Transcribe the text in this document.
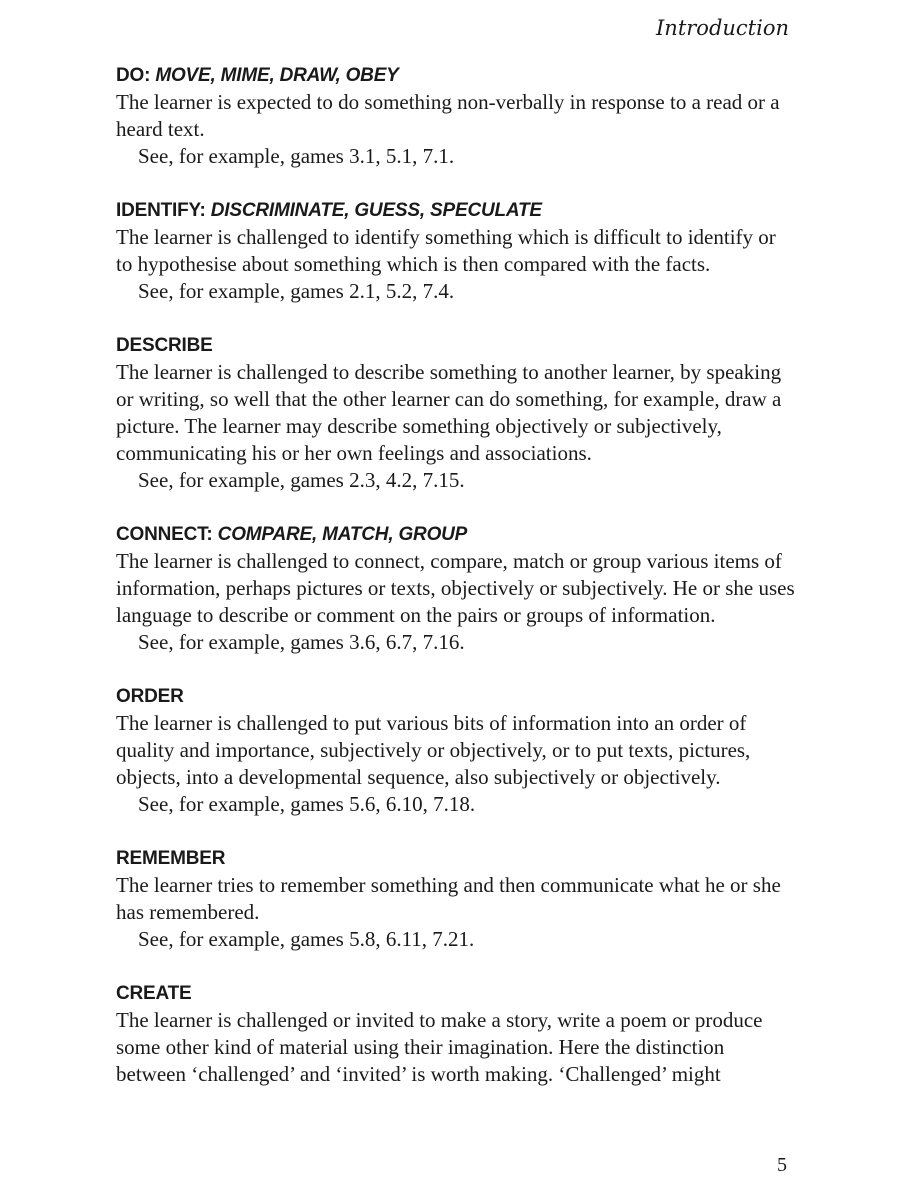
Introduction

DO: MOVE, MIME, DRAW, OBEY

The learner is expected to do something non-verbally in response to a read or a heard text.

See, for example, games 3.1, 5.1, 7.1.

IDENTIFY: DISCRIMINATE, GUESS, SPECULATE

The learner is challenged to identify something which is difficult to identify or to hypothesise about something which is then compared with the facts.

See, for example, games 2.1, 5.2, 7.4.

DESCRIBE

The learner is challenged to describe something to another learner, by speaking or writing, so well that the other learner can do something, for example, draw a picture. The learner may describe something objectively or subjectively, communicating his or her own feelings and associations.

See, for example, games 2.3, 4.2, 7.15.

CONNECT: COMPARE, MATCH, GROUP

The learner is challenged to connect, compare, match or group various items of information, perhaps pictures or texts, objectively or subjectively. He or she uses language to describe or comment on the pairs or groups of information.

See, for example, games 3.6, 6.7, 7.16.

ORDER

The learner is challenged to put various bits of information into an order of quality and importance, subjectively or objectively, or to put texts, pictures, objects, into a developmental sequence, also subjectively or objectively.

See, for example, games 5.6, 6.10, 7.18.

REMEMBER

The learner tries to remember something and then communicate what he or she has remembered.

See, for example, games 5.8, 6.11, 7.21.

CREATE

The learner is challenged or invited to make a story, write a poem or produce some other kind of material using their imagination. Here the distinction between ‘challenged’ and ‘invited’ is worth making. ‘Challenged’ might

5
